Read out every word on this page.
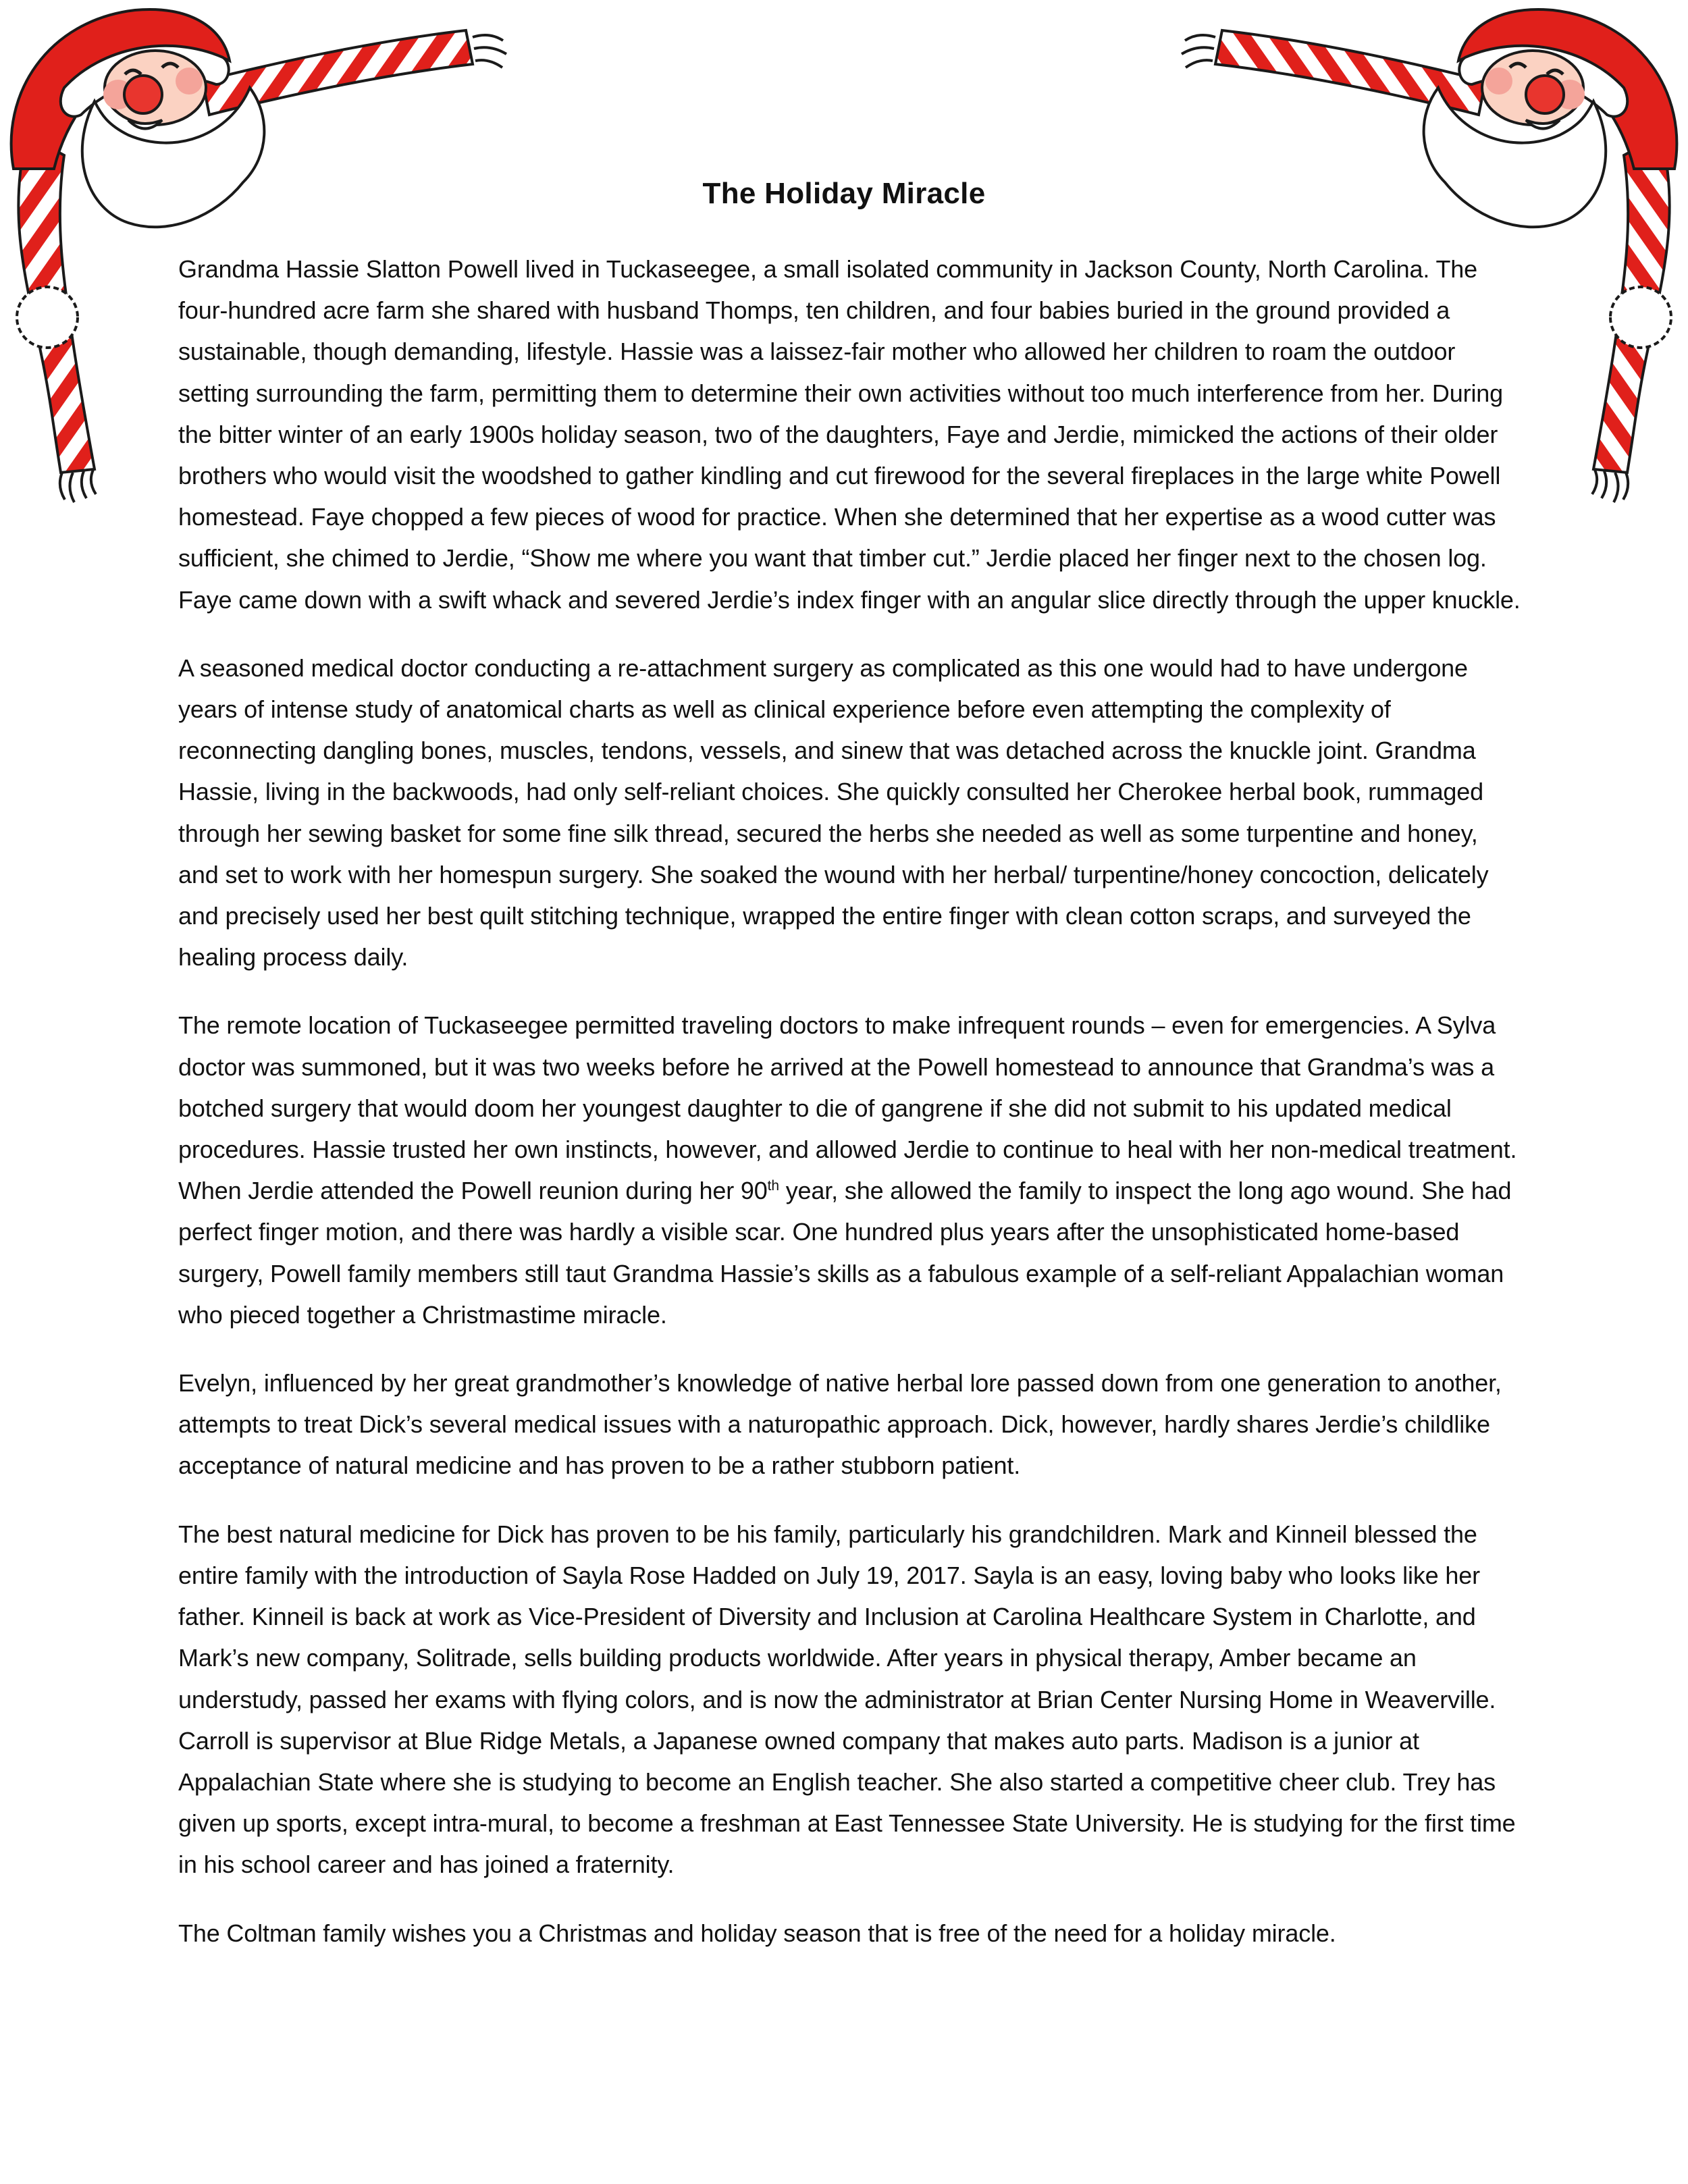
The Holiday Miracle

Grandma Hassie Slatton Powell lived in Tuckaseegee, a small isolated community in Jackson County, North Carolina. The four-hundred acre farm she shared with husband Thomps, ten children, and four babies buried in the ground provided a sustainable, though demanding, lifestyle. Hassie was a laissez-fair mother who allowed her children to roam the outdoor setting surrounding the farm, permitting them to determine their own activities without too much interference from her. During the bitter winter of an early 1900s holiday season, two of the daughters, Faye and Jerdie, mimicked the actions of their older brothers who would visit the woodshed to gather kindling and cut firewood for the several fireplaces in the large white Powell homestead. Faye chopped a few pieces of wood for practice. When she determined that her expertise as a wood cutter was sufficient, she chimed to Jerdie, “Show me where you want that timber cut.” Jerdie placed her finger next to the chosen log. Faye came down with a swift whack and severed Jerdie’s index finger with an angular slice directly through the upper knuckle.

A seasoned medical doctor conducting a re-attachment surgery as complicated as this one would had to have undergone years of intense study of anatomical charts as well as clinical experience before even attempting the complexity of reconnecting dangling bones, muscles, tendons, vessels, and sinew that was detached across the knuckle joint. Grandma Hassie, living in the backwoods, had only self-reliant choices. She quickly consulted her Cherokee herbal book, rummaged through her sewing basket for some fine silk thread, secured the herbs she needed as well as some turpentine and honey, and set to work with her homespun surgery. She soaked the wound with her herbal/ turpentine/honey concoction, delicately and precisely used her best quilt stitching technique, wrapped the entire finger with clean cotton scraps, and surveyed the healing process daily.

The remote location of Tuckaseegee permitted traveling doctors to make infrequent rounds – even for emergencies. A Sylva doctor was summoned, but it was two weeks before he arrived at the Powell homestead to announce that Grandma’s was a botched surgery that would doom her youngest daughter to die of gangrene if she did not submit to his updated medical procedures. Hassie trusted her own instincts, however, and allowed Jerdie to continue to heal with her non-medical treatment. When Jerdie attended the Powell reunion during her 90th year, she allowed the family to inspect the long ago wound. She had perfect finger motion, and there was hardly a visible scar. One hundred plus years after the unsophisticated home-based surgery, Powell family members still taut Grandma Hassie’s skills as a fabulous example of a self-reliant Appalachian woman who pieced together a Christmastime miracle.

Evelyn, influenced by her great grandmother’s knowledge of native herbal lore passed down from one generation to another, attempts to treat Dick’s several medical issues with a naturopathic approach. Dick, however, hardly shares Jerdie’s childlike acceptance of natural medicine and has proven to be a rather stubborn patient.

The best natural medicine for Dick has proven to be his family, particularly his grandchildren. Mark and Kinneil blessed the entire family with the introduction of Sayla Rose Hadded on July 19, 2017. Sayla is an easy, loving baby who looks like her father. Kinneil is back at work as Vice-President of Diversity and Inclusion at Carolina Healthcare System in Charlotte, and Mark’s new company, Solitrade, sells building products worldwide. After years in physical therapy, Amber became an understudy, passed her exams with flying colors, and is now the administrator at Brian Center Nursing Home in Weaverville. Carroll is supervisor at Blue Ridge Metals, a Japanese owned company that makes auto parts. Madison is a junior at Appalachian State where she is studying to become an English teacher. She also started a competitive cheer club. Trey has given up sports, except intra-mural, to become a freshman at East Tennessee State University. He is studying for the first time in his school career and has joined a fraternity.

The Coltman family wishes you a Christmas and holiday season that is free of the need for a holiday miracle.
